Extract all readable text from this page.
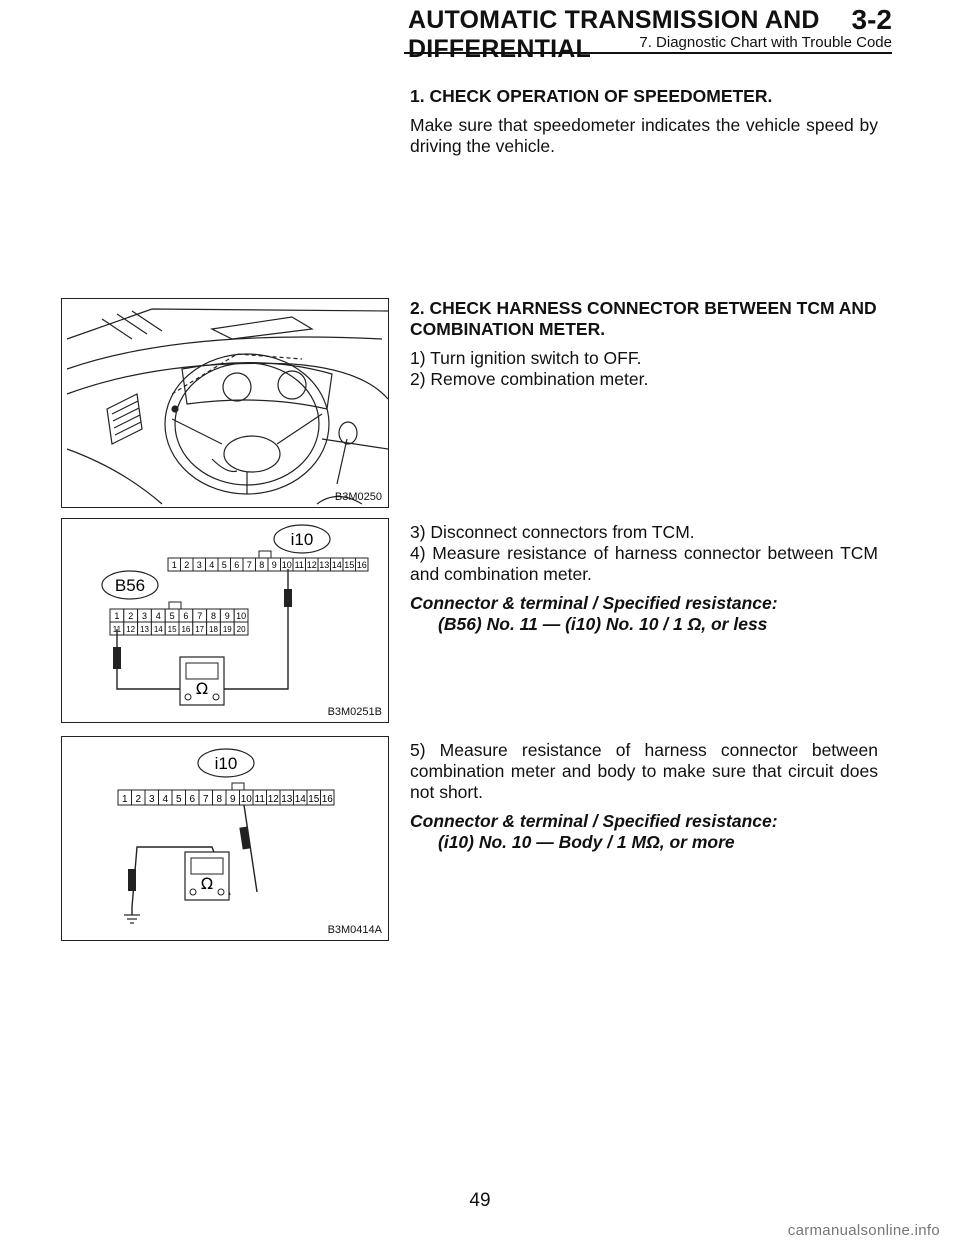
AUTOMATIC TRANSMISSION AND DIFFERENTIAL
3-2
7. Diagnostic Chart with Trouble Code
1. CHECK OPERATION OF SPEEDOMETER.
Make sure that speedometer indicates the vehicle speed by driving the vehicle.
2. CHECK HARNESS CONNECTOR BETWEEN TCM AND COMBINATION METER.
1) Turn ignition switch to OFF.
2) Remove combination meter.
3) Disconnect connectors from TCM.
4) Measure resistance of harness connector between TCM and combination meter.
Connector & terminal / Specified resistance:
(B56) No. 11 — (i10) No. 10 / 1 Ω, or less
5) Measure resistance of harness connector between combination meter and body to make sure that circuit does not short.
Connector & terminal / Specified resistance:
(i10) No. 10 — Body / 1 MΩ, or more
B3M0250
1 2 3 4 5 6 7 8 9 10 11 12 13 14 15 16
1 2 3 4 5 6 7 8 9 10
11 12 13 14 15 16 17 18 19 20
i10
B56
Ω
B3M0251B
i10
1 2 3 4 5 6 7 8 9 10 11 12 13 14 15 16
Ω
B3M0414A
49
carmanualsonline.info
